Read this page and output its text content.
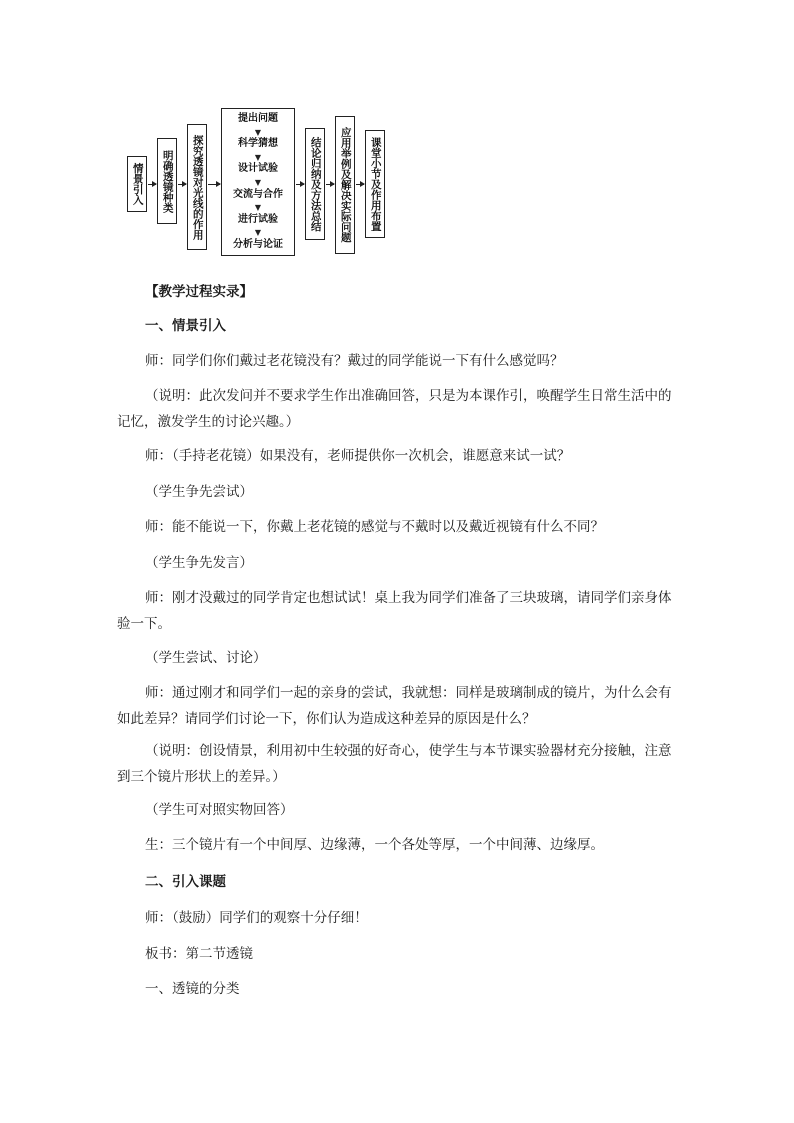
情景引入	明确透镜种类	探究透镜对光线的作用
提出问题
▼
科学猜想
▼
设计试验
▼
交流与合作
▼
进行试验
▼
分析与论证
结论归纳及方法总结	应用举例及解决实际问题	课堂小节及作用布置

【教学过程实录】

一、情景引入

师：同学们你们戴过老花镜没有？戴过的同学能说一下有什么感觉吗？

（说明：此次发问并不要求学生作出准确回答，只是为本课作引，唤醒学生日常生活中的记忆，激发学生的讨论兴趣。）

师：（手持老花镜）如果没有，老师提供你一次机会，谁愿意来试一试？

（学生争先尝试）

师：能不能说一下，你戴上老花镜的感觉与不戴时以及戴近视镜有什么不同？

（学生争先发言）

师：刚才没戴过的同学肯定也想试试！桌上我为同学们准备了三块玻璃，请同学们亲身体验一下。

（学生尝试、讨论）

师：通过刚才和同学们一起的亲身的尝试，我就想：同样是玻璃制成的镜片，为什么会有如此差异？请同学们讨论一下，你们认为造成这种差异的原因是什么？

（说明：创设情景，利用初中生较强的好奇心，使学生与本节课实验器材充分接触，注意到三个镜片形状上的差异。）

（学生可对照实物回答）

生：三个镜片有一个中间厚、边缘薄，一个各处等厚，一个中间薄、边缘厚。

二、引入课题

师：（鼓励）同学们的观察十分仔细！

板书：第二节透镜

一、透镜的分类
